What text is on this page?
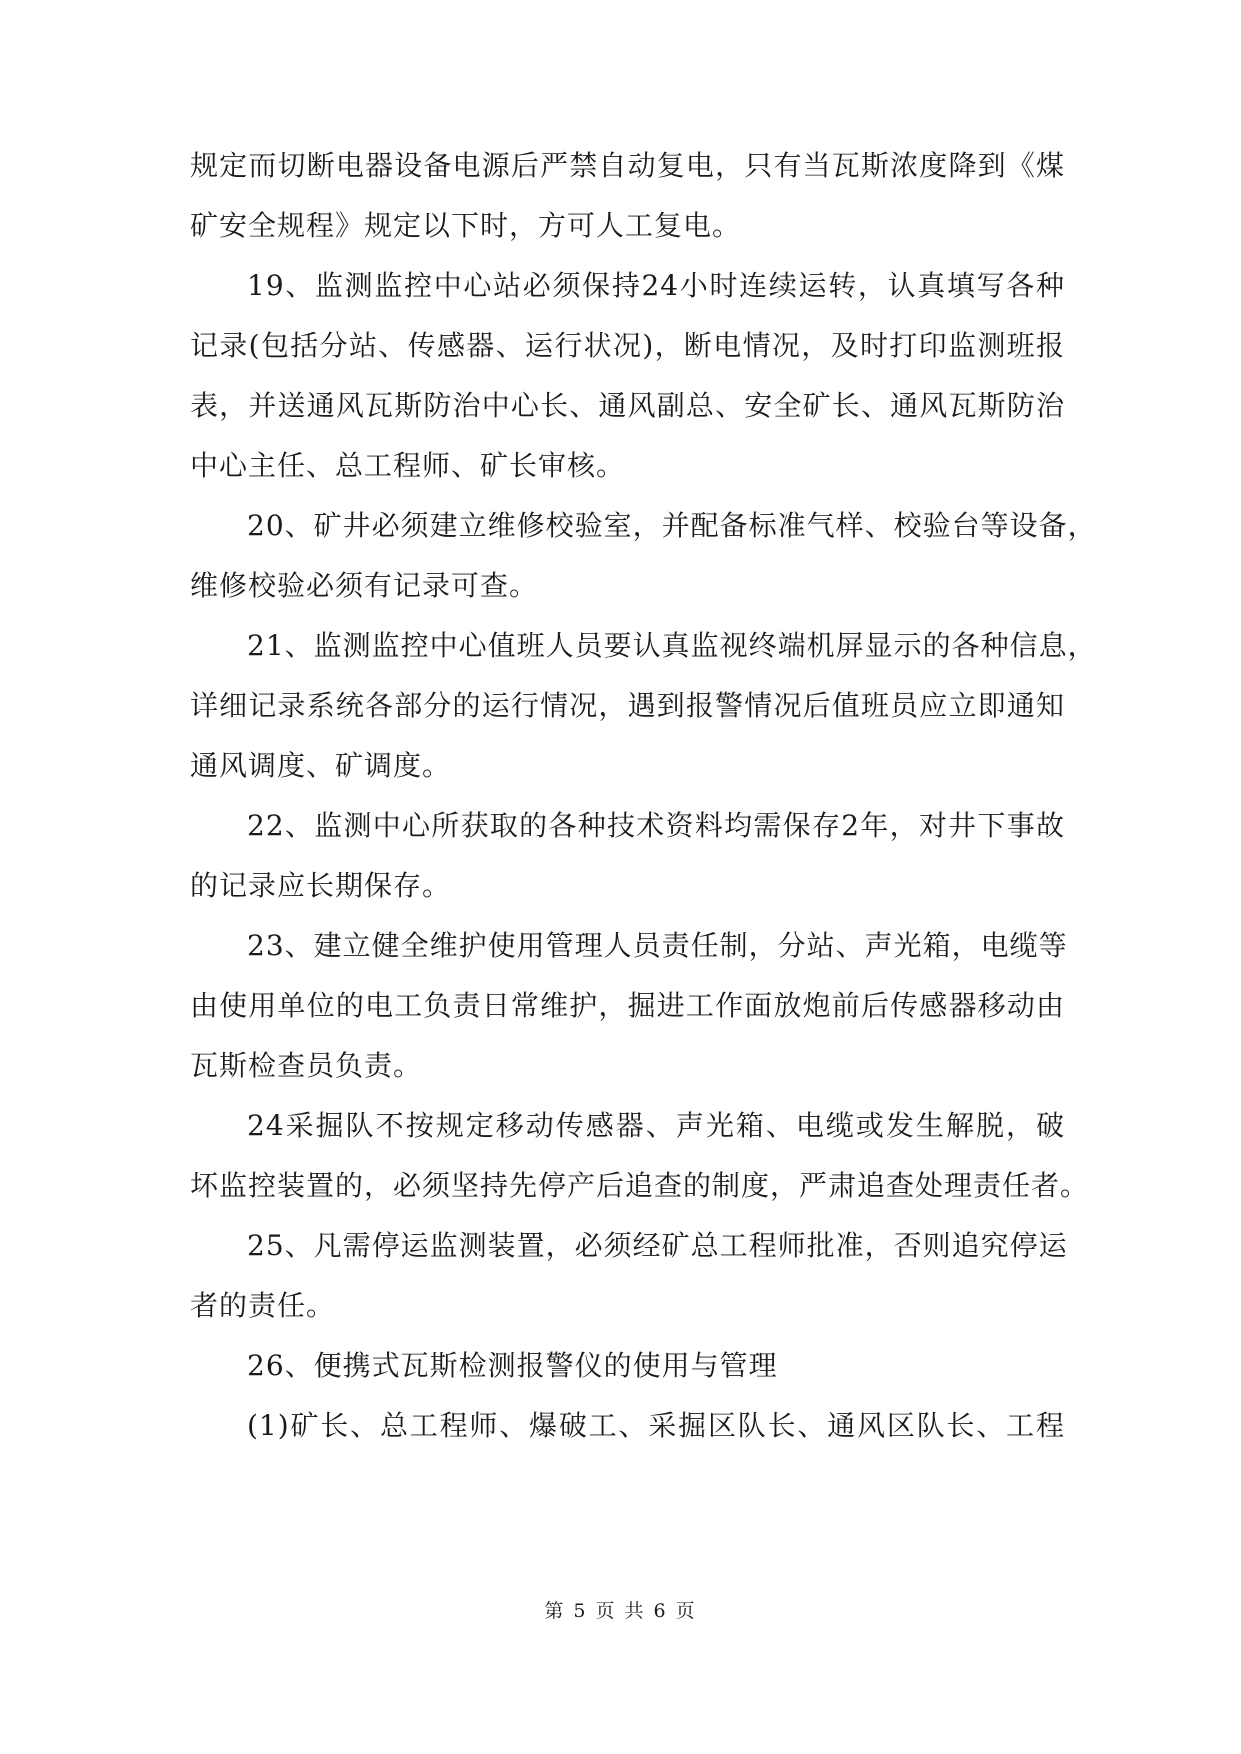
规定而切断电器设备电源后严禁自动复电，只有当瓦斯浓度降到《煤
矿安全规程》规定以下时，方可人工复电。
19、监测监控中心站必须保持24小时连续运转，认真填写各种
记录(包括分站、传感器、运行状况)，断电情况，及时打印监测班报
表，并送通风瓦斯防治中心长、通风副总、安全矿长、通风瓦斯防治
中心主任、总工程师、矿长审核。
20、矿井必须建立维修校验室，并配备标准气样、校验台等设备，
维修校验必须有记录可查。
21、监测监控中心值班人员要认真监视终端机屏显示的各种信息，
详细记录系统各部分的运行情况，遇到报警情况后值班员应立即通知
通风调度、矿调度。
22、监测中心所获取的各种技术资料均需保存2年，对井下事故
的记录应长期保存。
23、建立健全维护使用管理人员责任制，分站、声光箱，电缆等
由使用单位的电工负责日常维护，掘进工作面放炮前后传感器移动由
瓦斯检查员负责。
24采掘队不按规定移动传感器、声光箱、电缆或发生解脱，破
坏监控装置的，必须坚持先停产后追查的制度，严肃追查处理责任者。
25、凡需停运监测装置，必须经矿总工程师批准，否则追究停运
者的责任。
26、便携式瓦斯检测报警仪的使用与管理
(1)矿长、总工程师、爆破工、采掘区队长、通风区队长、工程
第 5 页 共 6 页
